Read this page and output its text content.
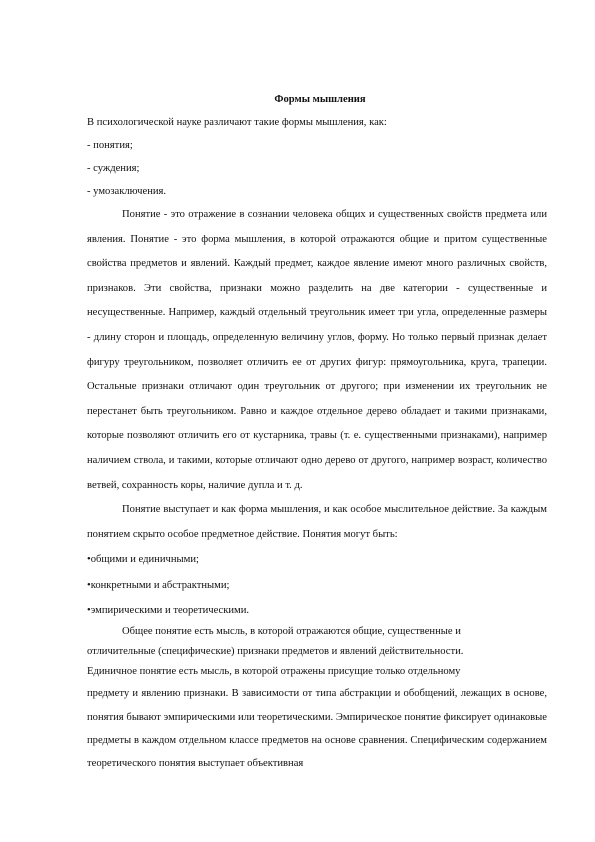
Формы мышления
В психологической науке различают такие формы мышления, как:
- понятия;
- суждения;
- умозаключения.

Понятие - это отражение в сознании человека общих и существенных свойств предмета или явления. Понятие - это форма мышления, в которой отражаются общие и притом существенные свойства предметов и явлений. Каждый предмет, каждое явление имеют много различных свойств, признаков. Эти свойства, признаки можно разделить на две категории - существенные и несущественные. Например, каждый отдельный треугольник имеет три угла, определенные размеры - длину сторон и площадь, определенную величину углов, форму. Но только первый признак делает фигуру треугольником, позволяет отличить ее от других фигур: прямоугольника, круга, трапеции. Остальные признаки отличают один треугольник от другого; при изменении их треугольник не перестанет быть треугольником. Равно и каждое отдельное дерево обладает и такими признаками, которые позволяют отличить его от кустарника, травы (т. е. существенными признаками), например наличием ствола, и такими, которые отличают одно дерево от другого, например возраст, количество ветвей, сохранность коры, наличие дупла и т. д.

Понятие выступает и как форма мышления, и как особое мыслительное действие. За каждым понятием скрыто особое предметное действие. Понятия могут быть:

•общими и единичными;
•конкретными и абстрактными;
•эмпирическими и теоретическими.
Общее понятие есть мысль, в которой отражаются общие, существенные и
отличительные (специфические) признаки предметов и явлений действительности.
Единичное понятие есть мысль, в которой отражены присущие только отдельному

предмету и явлению признаки. В зависимости от типа абстракции и обобщений, лежащих в основе, понятия бывают эмпирическими или теоретическими. Эмпирическое понятие фиксирует одинаковые предметы в каждом отдельном классе предметов на основе сравнения. Специфическим содержанием теоретического понятия выступает объективная
